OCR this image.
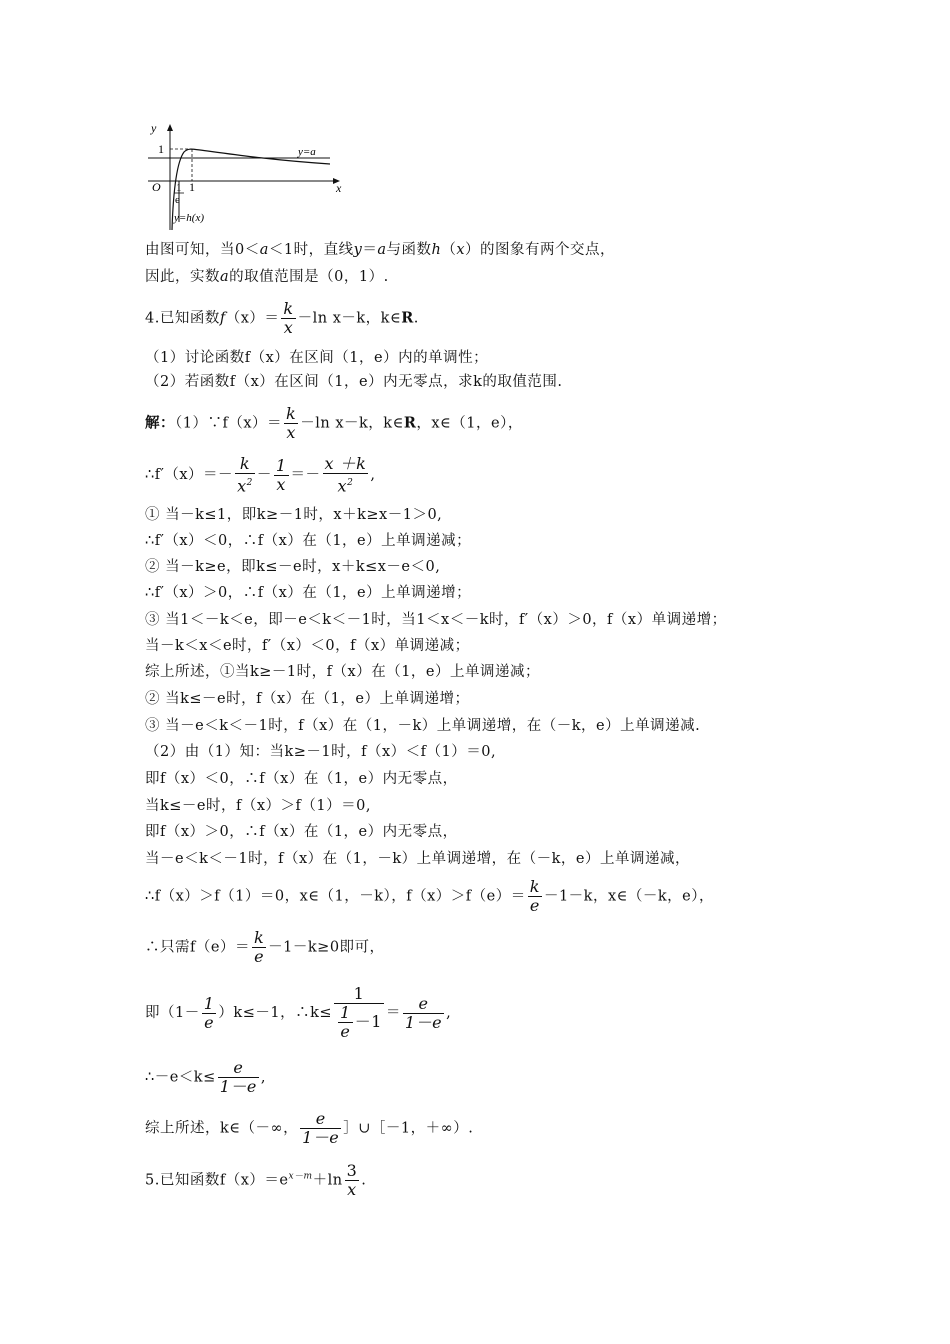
y
x
O
1
1
1
e
y=a
y=h(x)
由图可知，当0＜a＜1时，直线y＝a与函数h（x）的图象有两个交点，
因此，实数a的取值范围是（0，1）.
4.已知函数$f(x)= \frac{k}{x} -\ln$ x－k，k∈R.
（1）讨论函数f（x）在区间（1，e）内的单调性；
（2）若函数f（x）在区间（1，e）内无零点，求k的取值范围.
解：（1）∵f（x）＝ $\frac{k}{x} -\ln$ x－k，k∈R，x∈（1，e），
∴f′（x）＝－ $\frac{k}{x^2} - \frac{1}{x} =- \frac{x +k}{x^2}$ ,
① 当－k≤1，即k≥－1时，x＋k≥x－1＞0,
∴f′（x）＜0，∴f（x）在（1，e）上单调递减；
② 当－k≥e，即k≤－e时，x＋k≤x－e＜0,
∴f′（x）＞0，∴f（x）在（1，e）上单调递增；
③ 当1＜－k＜e，即－e＜k＜－1时，当1＜x＜－k时，f′（x）＞0，f（x）单调递增；
当－k＜x＜e时，f′（x）＜0，f（x）单调递减；
综上所述，①当k≥－1时，f（x）在（1，e）上单调递减；
② 当k≤－e时，f（x）在（1，e）上单调递增；
③ 当－e＜k＜－1时，f（x）在（1，－k）上单调递增，在（－k，e）上单调递减.
（2）由（1）知：当k≥－1时，f（x）＜f（1）＝0,
即f（x）＜0，∴f（x）在（1，e）内无零点，
当k≤－e时，f（x）＞f（1）＝0,
即f（x）＞0，∴f（x）在（1，e）内无零点，
当－e＜k＜－1时，f（x）在（1，－k）上单调递增，在（－k，e）上单调递减，
∴f（x）＞f（1）＝0，x∈（1，－k），$f(x)>f(e)= \frac{k}{e} -1-k$，x∈（－k，e），
∴只需$f(e)= \frac{k}{e} -1-k\ge 0$即可，
即$(1- \frac{1}{e} )k\le-1$，∴k≤ $\frac{1}{\frac{1}{e} -1} = \frac{e}{1-e}$ ,
∴－e＜k≤ $\frac{e}{1-e}$ ,
综上所述，k∈（－∞， $\frac{e}{1-e}$ ］∪［－1，＋∞）.
5.已知函数$f(x)=e^{x-m}+\ln \frac{3}{x}$ .
